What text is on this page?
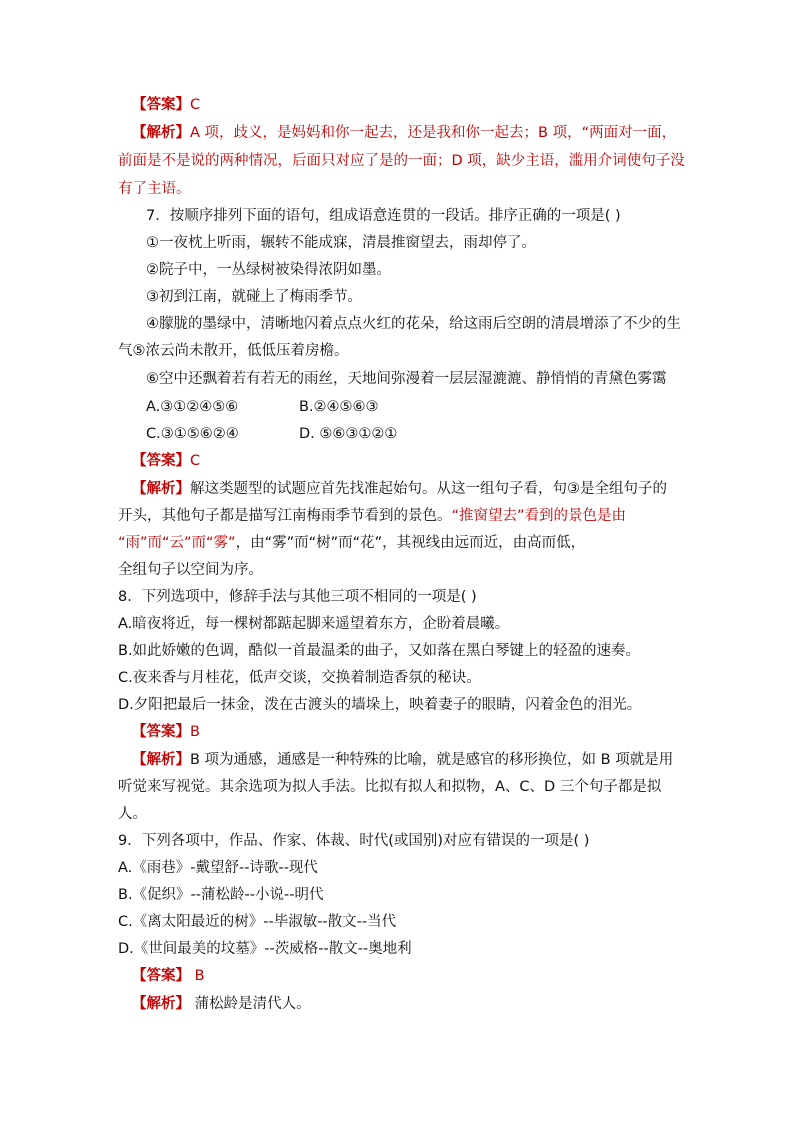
【答案】C
【解析】A 项，歧义，是妈妈和你一起去，还是我和你一起去；B 项，“两面对一面，
前面是不是说的两种情况，后面只对应了是的一面；D 项，缺少主语，滥用介词使句子没
有了主语。
7．按顺序排列下面的语句，组成语意连贯的一段话。排序正确的一项是( )
①一夜枕上听雨，辗转不能成寐，清晨推窗望去，雨却停了。
②院子中，一丛绿树被染得浓阴如墨。
③初到江南，就碰上了梅雨季节。
④朦胧的墨绿中，清晰地闪着点点火红的花朵，给这雨后空朗的清晨增添了不少的生
气⑤浓云尚未散开，低低压着房檐。
⑥空中还飘着若有若无的雨丝，天地间弥漫着一层层湿漉漉、静悄悄的青黛色雾霭
A.③①②④⑤⑥	B.②④⑤⑥③
C.③①⑤⑥②④	D. ⑤⑥③①②①
【答案】C
【解析】解这类题型的试题应首先找准起始句。从这一组句子看，句③是全组句子的
开头，其他句子都是描写江南梅雨季节看到的景色。“推窗望去”看到的景色是由
“雨”而“云”而“雾”，由“雾”而“树”而“花”，其视线由远而近，由高而低，
全组句子以空间为序。
8．下列选项中，修辞手法与其他三项不相同的一项是( )
A.暗夜将近，每一棵树都踮起脚来遥望着东方，企盼着晨曦。
B.如此娇嫩的色调，酷似一首最温柔的曲子，又如落在黑白琴键上的轻盈的速奏。
C.夜来香与月桂花，低声交谈，交换着制造香氛的秘诀。
D.夕阳把最后一抹金，泼在古渡头的墙垛上，映着妻子的眼睛，闪着金色的泪光。
【答案】B
【解析】B 项为通感，通感是一种特殊的比喻，就是感官的移形换位，如 B 项就是用
听觉来写视觉。其余选项为拟人手法。比拟有拟人和拟物，A、C、D 三个句子都是拟
人。
9．下列各项中，作品、作家、体裁、时代(或国别)对应有错误的一项是( )
A.《雨巷》-戴望舒--诗歌--现代
B.《促织》--蒲松龄--小说--明代
C.《离太阳最近的树》--毕淑敏--散文--当代
D.《世间最美的坟墓》--茨威格--散文--奥地利
【答案】 B
【解析】 蒲松龄是清代人。
